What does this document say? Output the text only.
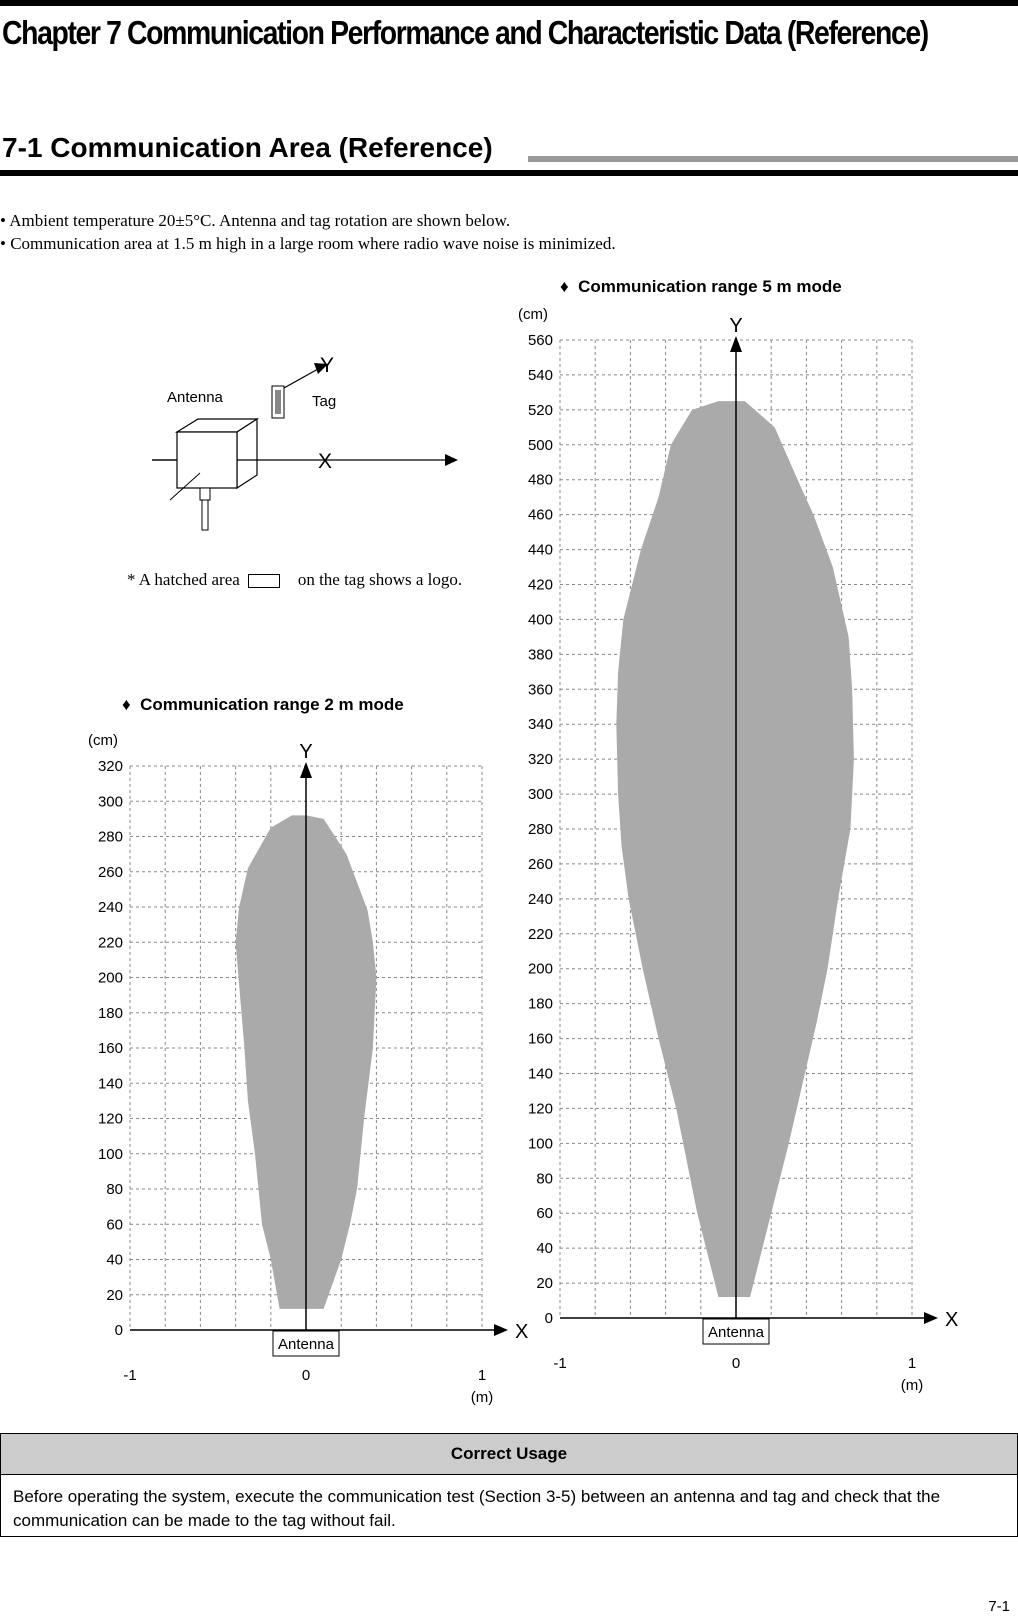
Chapter 7 Communication Performance and Characteristic Data (Reference)
7-1 Communication Area (Reference)
• Ambient temperature 20±5°C. Antenna and tag rotation are shown below.
• Communication area at 1.5 m high in a large room where radio wave noise is minimized.
Antenna	Tag
Y
X
* A hatched area	on the tag shows a logo.
♦ Communication range 5 m mode
0
20
40
60
80
100
120
140
160
180
200
220
240
260
280
300
320
340
360
380
400
420
440
460
480
500
520
540
560
Y
X
Antenna
-1	0	1
(cm)
(m)
♦ Communication range 2 m mode
0
20
40
60
80
100
120
140
160
180
200
220
240
260
280
300
320
Y
X
Antenna
-1	0	1
(cm)
(m)
Correct Usage
Before operating the system, execute the communication test (Section 3-5) between an antenna and tag and check that the communication can be made to the tag without fail.
7-1
